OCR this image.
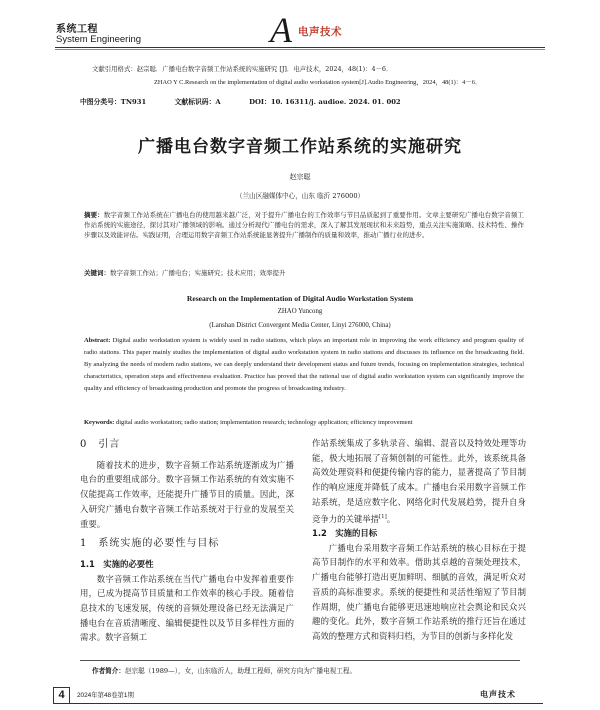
系统工程
System Engineering	A 电声技术
文献引用格式：赵宗聪．广播电台数字音频工作站系统的实施研究 [J]．电声技术，2024，48(1)：4－6．
ZHAO Y C.Research on the implementation of digital audio workstation system[J].Audio Engineering，2024，48(1)：4－6．
中图分类号：TN931	文献标识码：A	DOI：10. 16311/j. audioe. 2024. 01. 002
广播电台数字音频工作站系统的实施研究
赵宗聪
（兰山区融媒体中心，山东 临沂 276000）
摘要：数字音频工作站系统在广播电台的使用越来越广泛，对于提升广播电台的工作效率与节目品质起到了重要作用。文章主要研究广播电台数字音频工作站系统的实施途径，探讨其对广播领域的影响。通过分析现代广播电台的需求，深入了解其发展现状和未来趋势，重点关注实施策略、技术特性、操作步骤以及效能评估。实践证明，合理运用数字音频工作站系统能显著提升广播制作的质量和效率，推动广播行业的进步。
关键词：数字音频工作站；广播电台；实施研究；技术应用；效率提升
Research on the Implementation of Digital Audio Workstation System
ZHAO Yuncong
(Lanshan District Convergent Media Center, Linyi 276000, China)
Abstract: Digital audio workstation system is widely used in radio stations, which plays an important role in improving the work efficiency and program quality of radio stations. This paper mainly studies the implementation of digital audio workstation system in radio stations and discusses its influence on the broadcasting field. By analyzing the needs of modern radio stations, we can deeply understand their development status and future trends, focusing on implementation strategies, technical characteristics, operation steps and effectiveness evaluation. Practice has proved that the rational use of digital audio workstation system can significantly improve the quality and efficiency of broadcasting production and promote the progress of broadcasting industry.
Keywords: digital audio workstation; radio station; implementation research; technology application; efficiency improvement
0　引言

随着技术的进步，数字音频工作站系统逐渐成为广播电台的重要组成部分。数字音频工作站系统的有效实施不仅能提高工作效率，还能提升广播节目的质量。因此，深入研究广播电台数字音频工作站系统对于行业的发展至关重要。

1　系统实施的必要性与目标
1.1　实施的必要性

数字音频工作站系统在当代广播电台中发挥着重要作用，已成为提高节目质量和工作效率的核心手段。随着信息技术的飞速发展，传统的音频处理设备已经无法满足广播电台在音质清晰度、编辑便捷性以及节目多样性方面的需求。数字音频工

作站系统集成了多轨录音、编辑、混音以及特效处理等功能，极大地拓展了音频创制的可能性。此外，该系统具备高效处理资料和便捷传输内容的能力，显著提高了节目制作的响应速度并降低了成本。广播电台采用数字音频工作站系统，是适应数字化、网络化时代发展趋势，提升自身竞争力的关键举措[1]。

1.2　实施的目标

广播电台采用数字音频工作站系统的核心目标在于提高节目制作的水平和效率。借助其卓越的音频处理技术，广播电台能够打造出更加鲜明、细腻的音效，满足听众对音质的高标准要求。系统的便捷性和灵活性缩短了节目制作周期，使广播电台能够更迅速地响应社会舆论和民众兴趣的变化。此外，数字音频工作站系统的推行还旨在通过高效的整理方式和资料归档，为节目的创新与多样化发

作者简介：赵宗聪（1989—），女，山东临沂人，助理工程师，研究方向为广播电视工程。
4	2024年第48卷第1期	电声技术
